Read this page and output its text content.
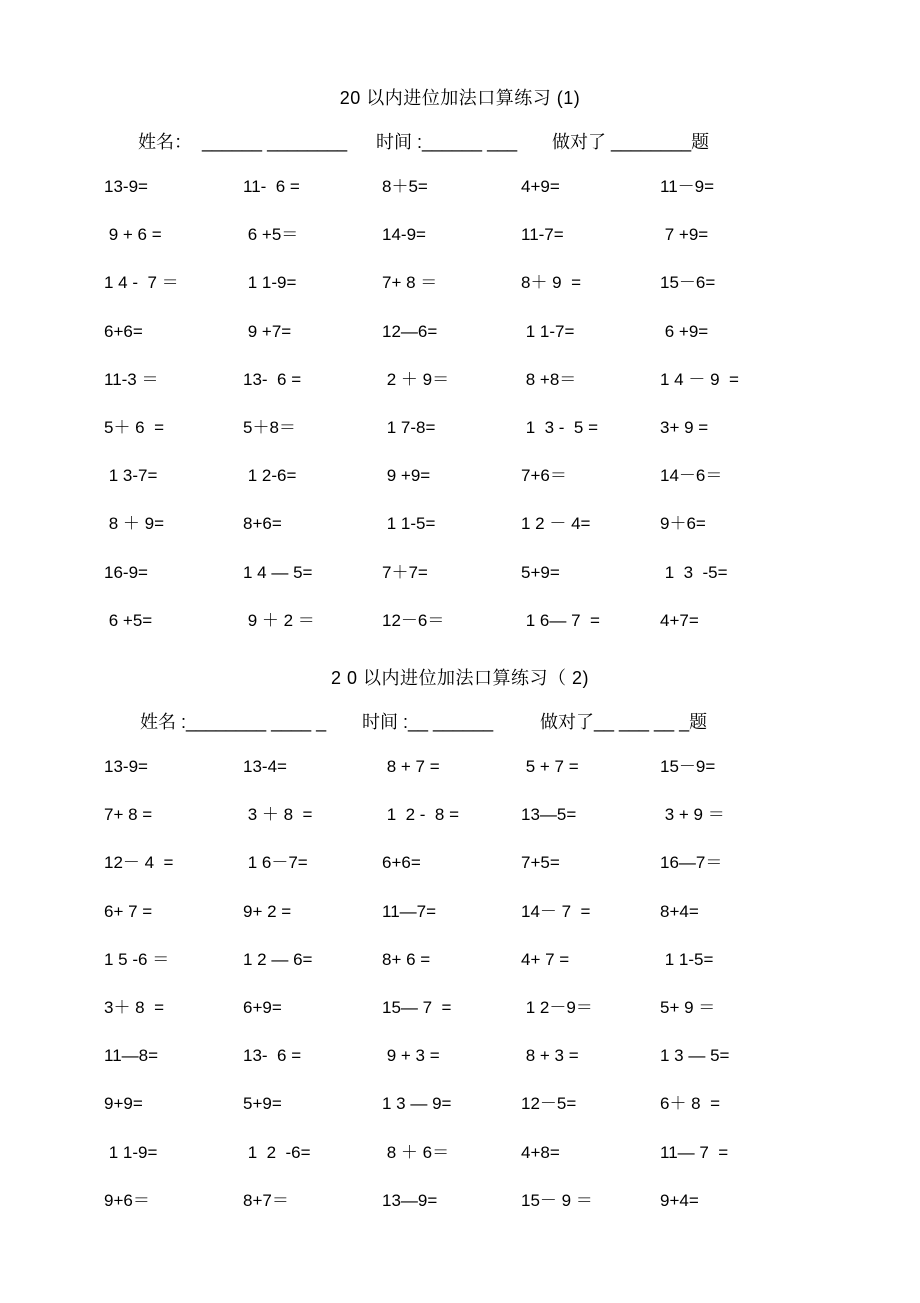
20 以内进位加法口算练习 (1)
姓名：  ______ ________ 时间 :______ ___ 做对了 ________题
13-9=	11-  6 =	8＋5=	4+9=	11－9=
9 + 6 =	6 +5＝	14-9=	11-7=	7 +9=
1 4 -  7 ＝	1 1-9=	7+ 8 ＝	8＋ 9  =	15－6=
6+6=	9 +7=	12—6=	1 1-7=	6 +9=
11-3 ＝	13-  6 =	2 ＋ 9＝	8 +8＝	1 4 － 9  =
5＋ 6  =	5＋8＝	1 7-8=	1  3 -  5 =	3+ 9 =
1 3-7=	1 2-6=	9 +9=	7+6＝	14－6＝
8 ＋ 9=	8+6=	1 1-5=	1 2 － 4=	9＋6=
16-9=	1 4 — 5=	7＋7=	5+9=	1  3  -5=
6 +5=	9 ＋ 2 ＝	12－6＝	1 6— 7  =	4+7=
2 0 以内进位加法口算练习（ 2)
姓名 :________ ____ _ 时间 :__ ______	做对了__ ___ __ _题
13-9=	13-4=	8 + 7 =	5 + 7 =	15－9=
7+ 8 =	3 ＋ 8  =	1  2 -  8 =	13—5=	3 + 9 ＝
12－ 4  =	1 6－7=	6+6=	7+5=	16—7＝
6+ 7 =	9+ 2 =	11—7=	14－ 7  =	8+4=
1 5 -6 ＝	1 2 — 6=	8+ 6 =	4+ 7 =	1 1-5=
3＋ 8  =	6+9=	15— 7  =	1 2－9＝	5+ 9 ＝
11—8=	13-  6 =	9 + 3 =	8 + 3 =	1 3 — 5=
9+9=	5+9=	1 3 — 9=	12－5=	6＋ 8  =
1 1-9=	1  2  -6=	8 ＋ 6＝	4+8=	11— 7  =
9+6＝	8+7＝	13—9=	15－ 9 ＝	9+4=
